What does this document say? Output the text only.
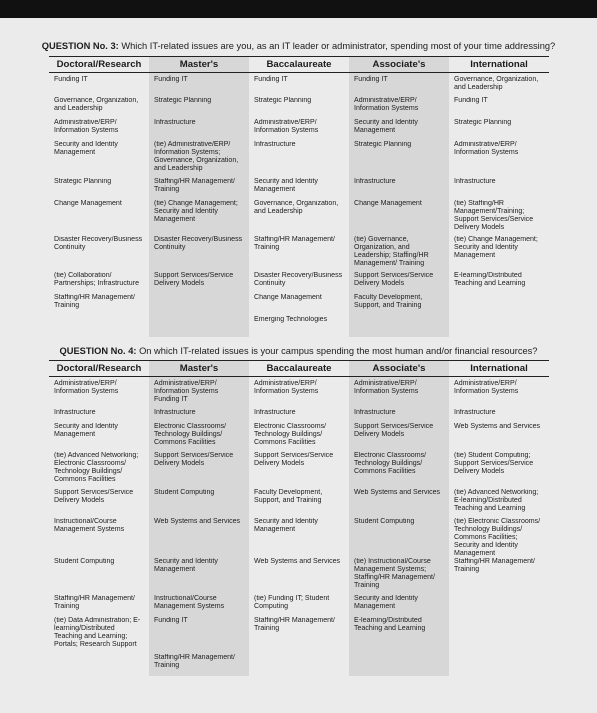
QUESTION No. 3: Which IT-related issues are you, as an IT leader or administrator, spending most of your time addressing?
Doctoral/Research	Master's	Baccalaureate	Associate's	International
Funding IT	Funding IT	Funding IT	Funding IT	Governance, Organization, and Leadership
Governance, Organization, and Leadership	Strategic Planning	Strategic Planning	Administrative/ERP/ Information Systems	Funding IT
Administrative/ERP/ Information Systems	Infrastructure	Administrative/ERP/ Information Systems	Security and Identity Management	Strategic Planning
Security and Identity Management	(tie) Administrative/ERP/ Information Systems; Governance, Organization, and Leadership	Infrastructure	Strategic Planning	Administrative/ERP/ Information Systems
Strategic Planning	Staffing/HR Management/ Training	Security and Identity Management	Infrastructure	Infrastructure
Change Management	(tie) Change Management; Security and Identity Management	Governance, Organization, and Leadership	Change Management	(tie) Staffing/HR Management/Training; Support Services/Service Delivery Models
Disaster Recovery/Business Continuity	Disaster Recovery/Business Continuity	Staffing/HR Management/ Training	(tie) Governance, Organization, and Leadership; Staffing/HR Management/ Training	(tie) Change Management; Security and Identity Management
(tie) Collaboration/ Partnerships; Infrastructure	Support Services/Service Delivery Models	Disaster Recovery/Business Continuity	Support Services/Service Delivery Models	E-learning/Distributed Teaching and Learning
Staffing/HR Management/ Training		Change Management	Faculty Development, Support, and Training	
		Emerging Technologies		
QUESTION No. 4: On which IT-related issues is your campus spending the most human and/or financial resources?
Doctoral/Research	Master's	Baccalaureate	Associate's	International
Administrative/ERP/ Information Systems	Administrative/ERP/ Information Systems Funding IT	Administrative/ERP/ Information Systems	Administrative/ERP/ Information Systems	Administrative/ERP/ Information Systems
Infrastructure	Infrastructure	Infrastructure	Infrastructure	Infrastructure
Security and Identity Management	Electronic Classrooms/ Technology Buildings/ Commons Facilities	Electronic Classrooms/ Technology Buildings/ Commons Facilities	Support Services/Service Delivery Models	Web Systems and Services
(tie) Advanced Networking; Electronic Classrooms/ Technology Buildings/ Commons Facilities	Support Services/Service Delivery Models	Support Services/Service Delivery Models	Electronic Classrooms/ Technology Buildings/ Commons Facilities	(tie) Student Computing; Support Services/Service Delivery Models
Support Services/Service Delivery Models	Student Computing	Faculty Development, Support, and Training	Web Systems and Services	(tie) Advanced Networking; E-learning/Distributed Teaching and Learning
Instructional/Course Management Systems	Web Systems and Services	Security and Identity Management	Student Computing	(tie) Electronic Classrooms/ Technology Buildings/ Commons Facilities; Security and Identity Management
Student Computing	Security and Identity Management	Web Systems and Services	(tie) Instructional/Course Management Systems; Staffing/HR Management/ Training	Staffing/HR Management/ Training
Staffing/HR Management/ Training	Instructional/Course Management Systems	(tie) Funding IT; Student Computing	Security and Identity Management	
(tie) Data Administration; E-learning/Distributed Teaching and Learning; Portals; Research Support	Funding IT	Staffing/HR Management/ Training	E-learning/Distributed Teaching and Learning	
	Staffing/HR Management/ Training			
